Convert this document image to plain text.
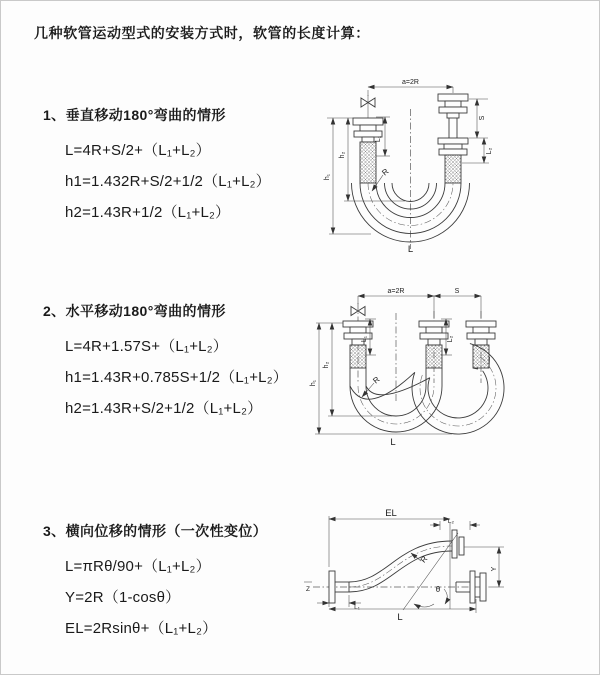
几种软管运动型式的安装方式时，软管的长度计算：
1、垂直移动180°弯曲的情形
L=4R+S/2+（L₁+L₂）
h1=1.432R+S/2+1/2（L₁+L₂）
h2=1.43R+1/2（L₁+L₂）
2、水平移动180°弯曲的情形
L=4R+1.57S+（L₁+L₂）
h1=1.43R+0.785S+1/2（L₁+L₂）
h2=1.43R+S/2+1/2（L₁+L₂）
3、横向位移的情形（一次性变位）
L=πRθ/90+（L₁+L₂）
Y=2R（1-cosθ）
EL=2Rsinθ+（L₁+L₂）
a=2R
L₁
S
L₂
h₂
h₁	R
L
a=2R	S
L₁	L₂
h₂
h₁	R
L
Z	θ
EL
L₂
Y
R
L₁
L
